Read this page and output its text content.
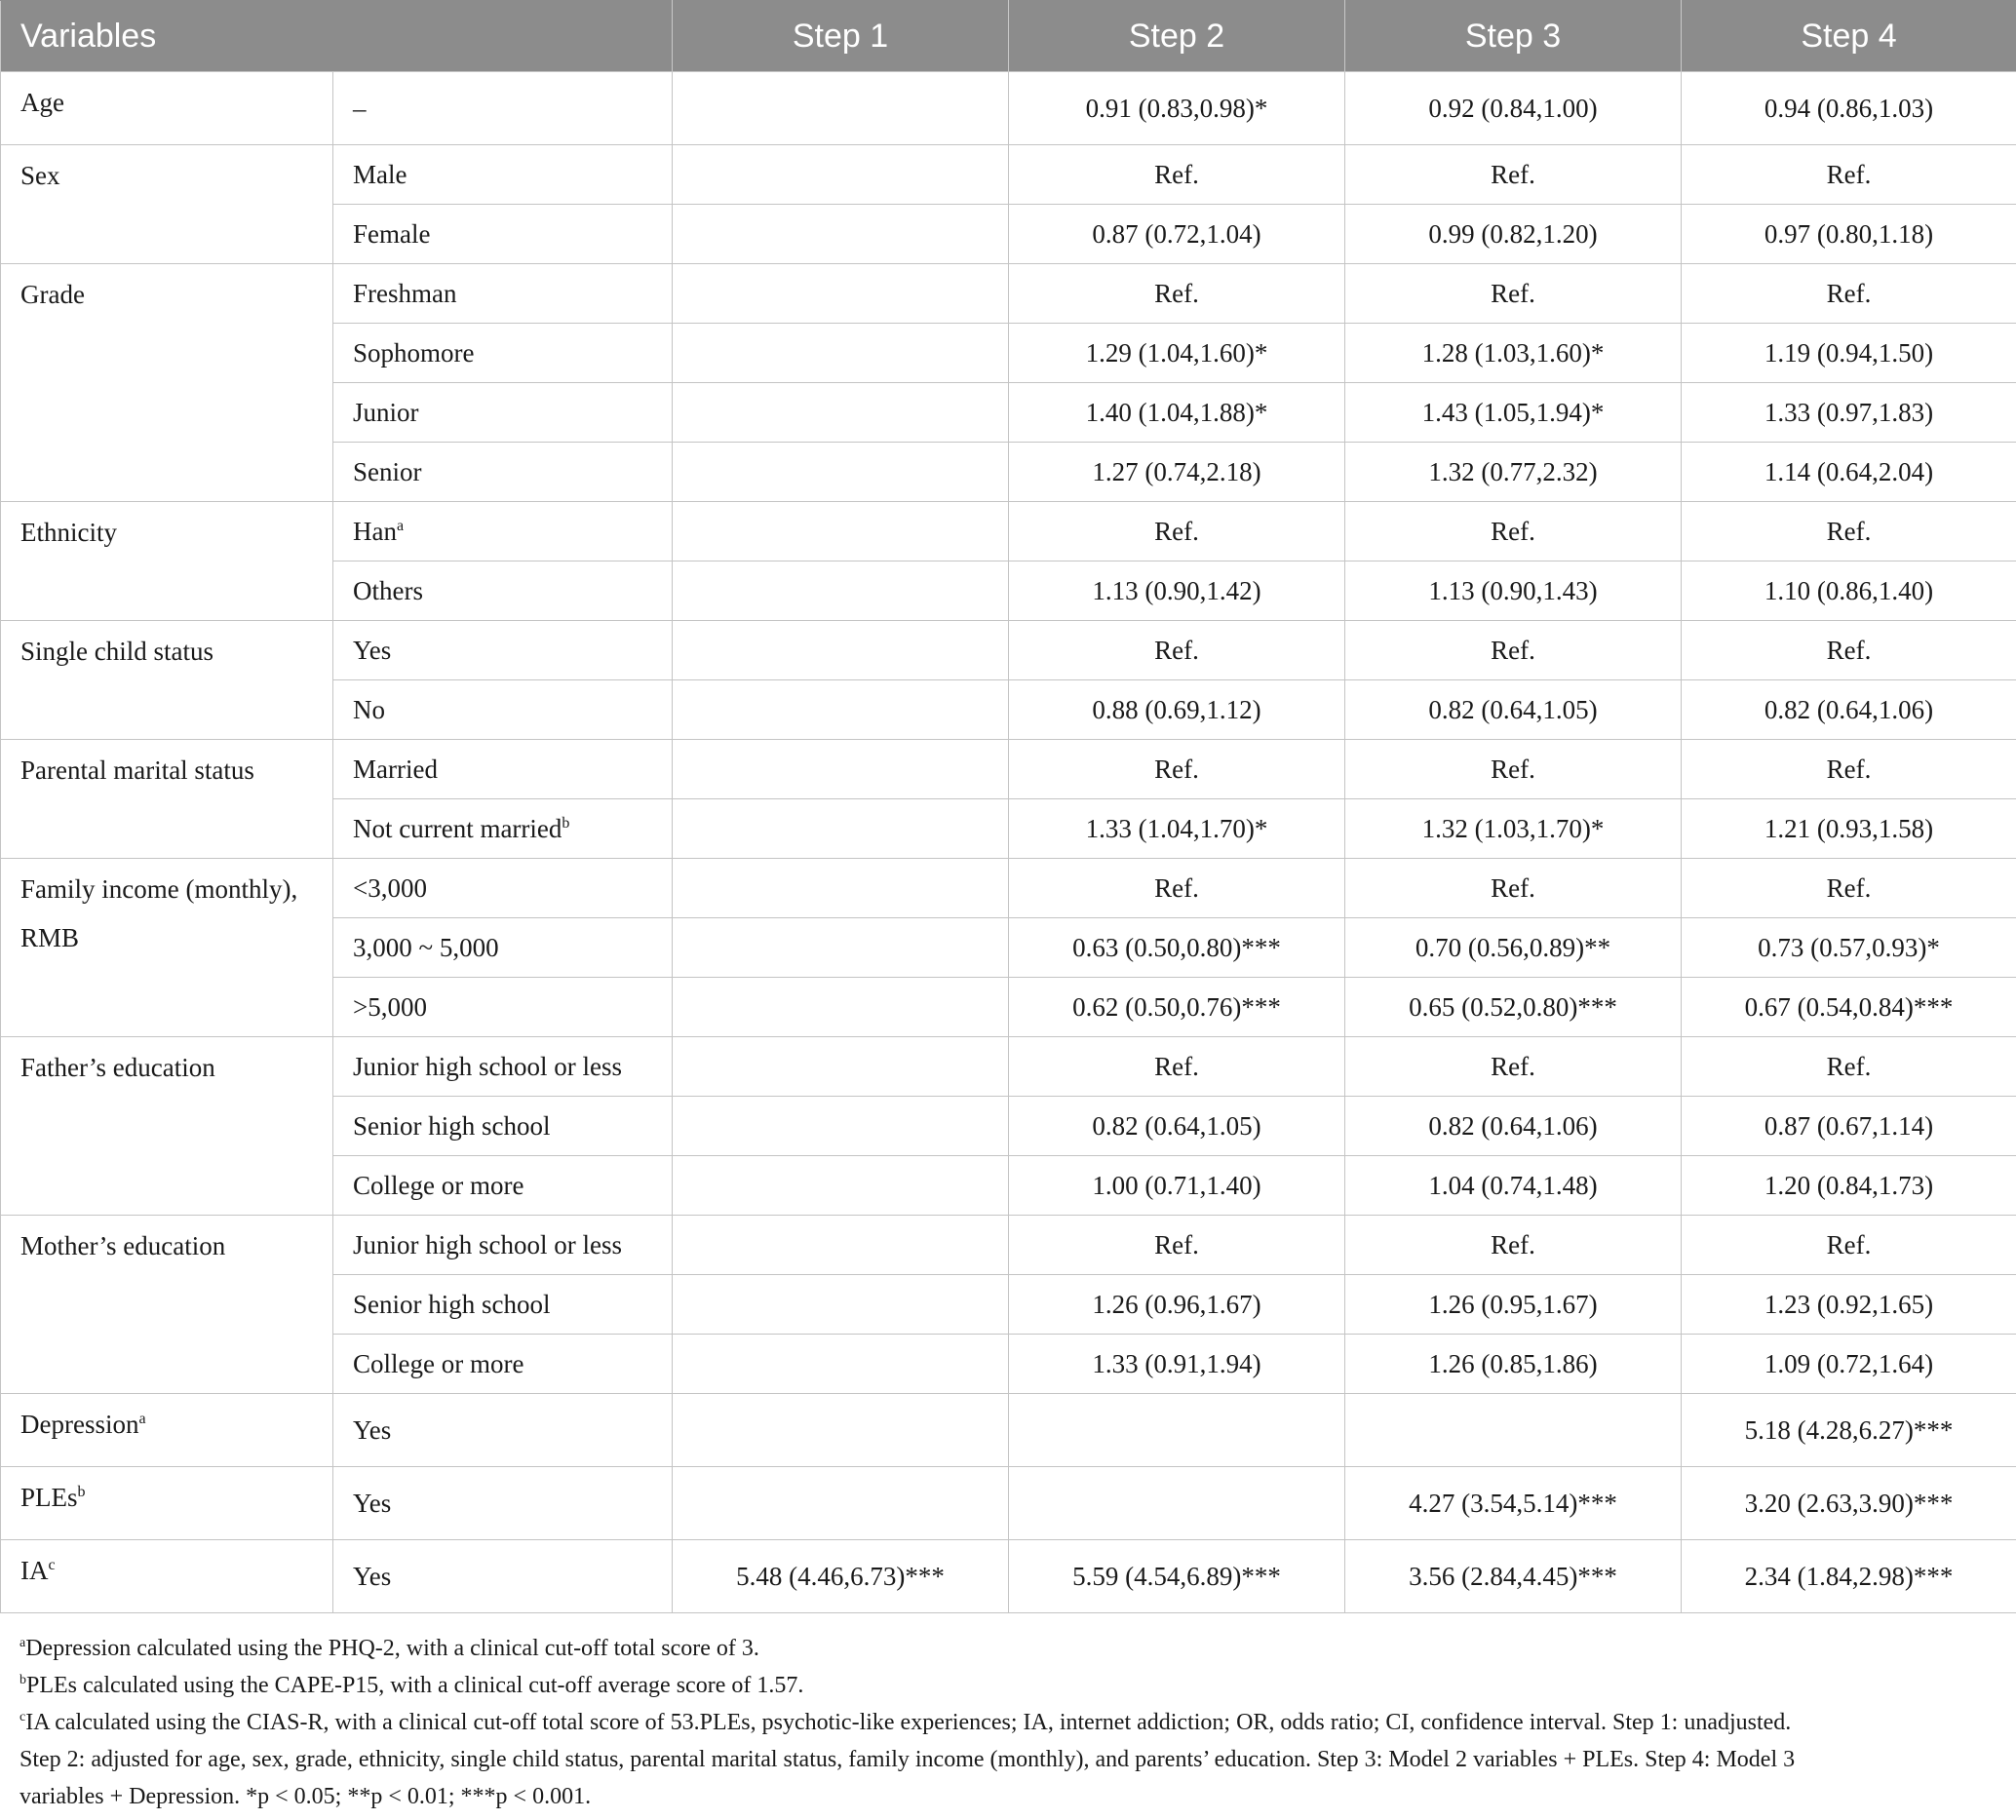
Variables		Step 1	Step 2	Step 3	Step 4

Age	–		0.91 (0.83,0.98)*	0.92 (0.84,1.00)	0.94 (0.86,1.03)

Sex	Male		Ref.	Ref.	Ref.
	Female		0.87 (0.72,1.04)	0.99 (0.82,1.20)	0.97 (0.80,1.18)

Grade	Freshman		Ref.	Ref.	Ref.
	Sophomore		1.29 (1.04,1.60)*	1.28 (1.03,1.60)*	1.19 (0.94,1.50)
	Junior		1.40 (1.04,1.88)*	1.43 (1.05,1.94)*	1.33 (0.97,1.83)
	Senior		1.27 (0.74,2.18)	1.32 (0.77,2.32)	1.14 (0.64,2.04)

Ethnicity	Han$^a$		Ref.	Ref.	Ref.
	Others		1.13 (0.90,1.42)	1.13 (0.90,1.43)	1.10 (0.86,1.40)

Single child status	Yes		Ref.	Ref.	Ref.
	No		0.88 (0.69,1.12)	0.82 (0.64,1.05)	0.82 (0.64,1.06)

Parental marital status	Married		Ref.	Ref.	Ref.
	Not current married$^b$		1.33 (1.04,1.70)*	1.32 (1.03,1.70)*	1.21 (0.93,1.58)

Family income (monthly), RMB	<3,000		Ref.	Ref.	Ref.
	3,000 ~ 5,000		0.63 (0.50,0.80)***	0.70 (0.56,0.89)**	0.73 (0.57,0.93)*
	>5,000		0.62 (0.50,0.76)***	0.65 (0.52,0.80)***	0.67 (0.54,0.84)***

Father’s education	Junior high school or less		Ref.	Ref.	Ref.
	Senior high school		0.82 (0.64,1.05)	0.82 (0.64,1.06)	0.87 (0.67,1.14)
	College or more		1.00 (0.71,1.40)	1.04 (0.74,1.48)	1.20 (0.84,1.73)

Mother’s education	Junior high school or less		Ref.	Ref.	Ref.
	Senior high school		1.26 (0.96,1.67)	1.26 (0.95,1.67)	1.23 (0.92,1.65)
	College or more		1.33 (0.91,1.94)	1.26 (0.85,1.86)	1.09 (0.72,1.64)

Depression$^a$	Yes				5.18 (4.28,6.27)***

PLEs$^b$	Yes			4.27 (3.54,5.14)***	3.20 (2.63,3.90)***

$IA^c$	Yes	5.48 (4.46,6.73)***	5.59 (4.54,6.89)***	3.56 (2.84,4.45)***	2.34 (1.84,2.98)***

$^a$Depression calculated using the PHQ-2, with a clinical cut-off total score of 3.

$^b$PLEs calculated using the CAPE-P15, with a clinical cut-off average score of 1.57.

$^c$IA calculated using the CIAS-R, with a clinical cut-off total score of 53.PLEs, psychotic-like experiences; IA, internet addiction; OR, odds ratio; CI, confidence interval. Step 1: unadjusted.

Step 2: adjusted for age, sex, grade, ethnicity, single child status, parental marital status, family income (monthly), and parents’ education. Step 3: Model 2 variables + PLEs. Step 4: Model 3

variables + Depression. *p < 0.05; **p < 0.01; ***p < 0.001.
